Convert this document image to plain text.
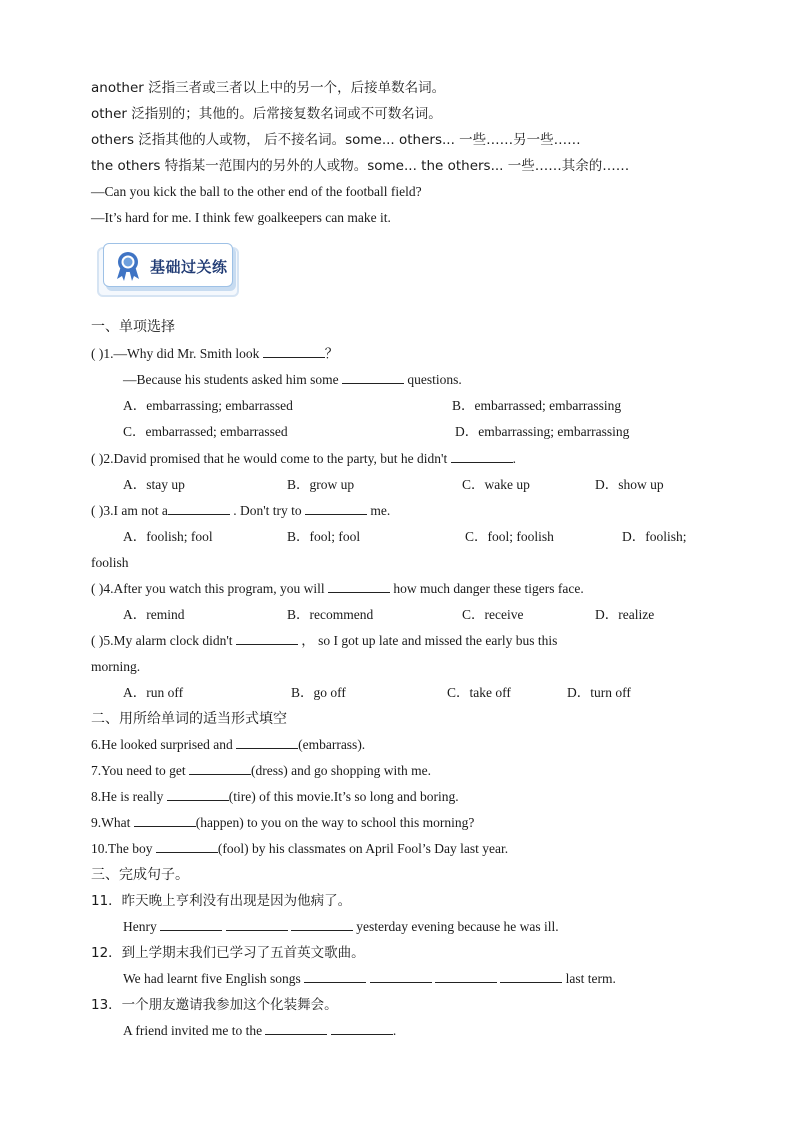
another 泛指三者或三者以上中的另一个，后接单数名词。
other 泛指别的；其他的。后常接复数名词或不可数名词。
others 泛指其他的人或物， 后不接名词。some... others... 一些……另一些……
the others 特指某一范围内的另外的人或物。some... the others... 一些……其余的……
—Can you kick the ball to the other end of the football field?
—It’s hard for me. I think few goalkeepers can make it.
基础过关练
一、单项选择
( )1.—Why did Mr. Smith look	？
—Because his students asked him some	questions.
A．embarrassing; embarrassed	B．embarrassed; embarrassing
C．embarrassed; embarrassed	D．embarrassing; embarrassing
( )2.David promised that he would come to the party, but he didn't	.
A．stay up	B．grow up	C．wake up	D．show up
( )3.I am not a	. Don't try to	me.
A．foolish; fool	B．fool; fool	C．fool; foolish	D．foolish;
foolish
( )4.After you watch this program, you will	how much danger these tigers face.
A．remind	B．recommend	C．receive	D．realize
( )5.My alarm clock didn't	， so I got up late and missed the early bus this
morning.
A．run off	B．go off	C．take off	D．turn off
二、用所给单词的适当形式填空
6.He looked surprised and	(embarrass).
7.You need to get	(dress) and go shopping with me.
8.He is really	(tire) of this movie.It’s so long and boring.
9.What	(happen) to you on the way to school this morning?
10.The boy	(fool) by his classmates on April Fool’s Day last year.
三、完成句子。
11．昨天晚上亨利没有出现是因为他病了。
Henry	yesterday evening because he was ill.
12．到上学期末我们已学习了五首英文歌曲。
We had learnt five English songs	last term.
13．一个朋友邀请我参加这个化装舞会。
A friend invited me to the	.
